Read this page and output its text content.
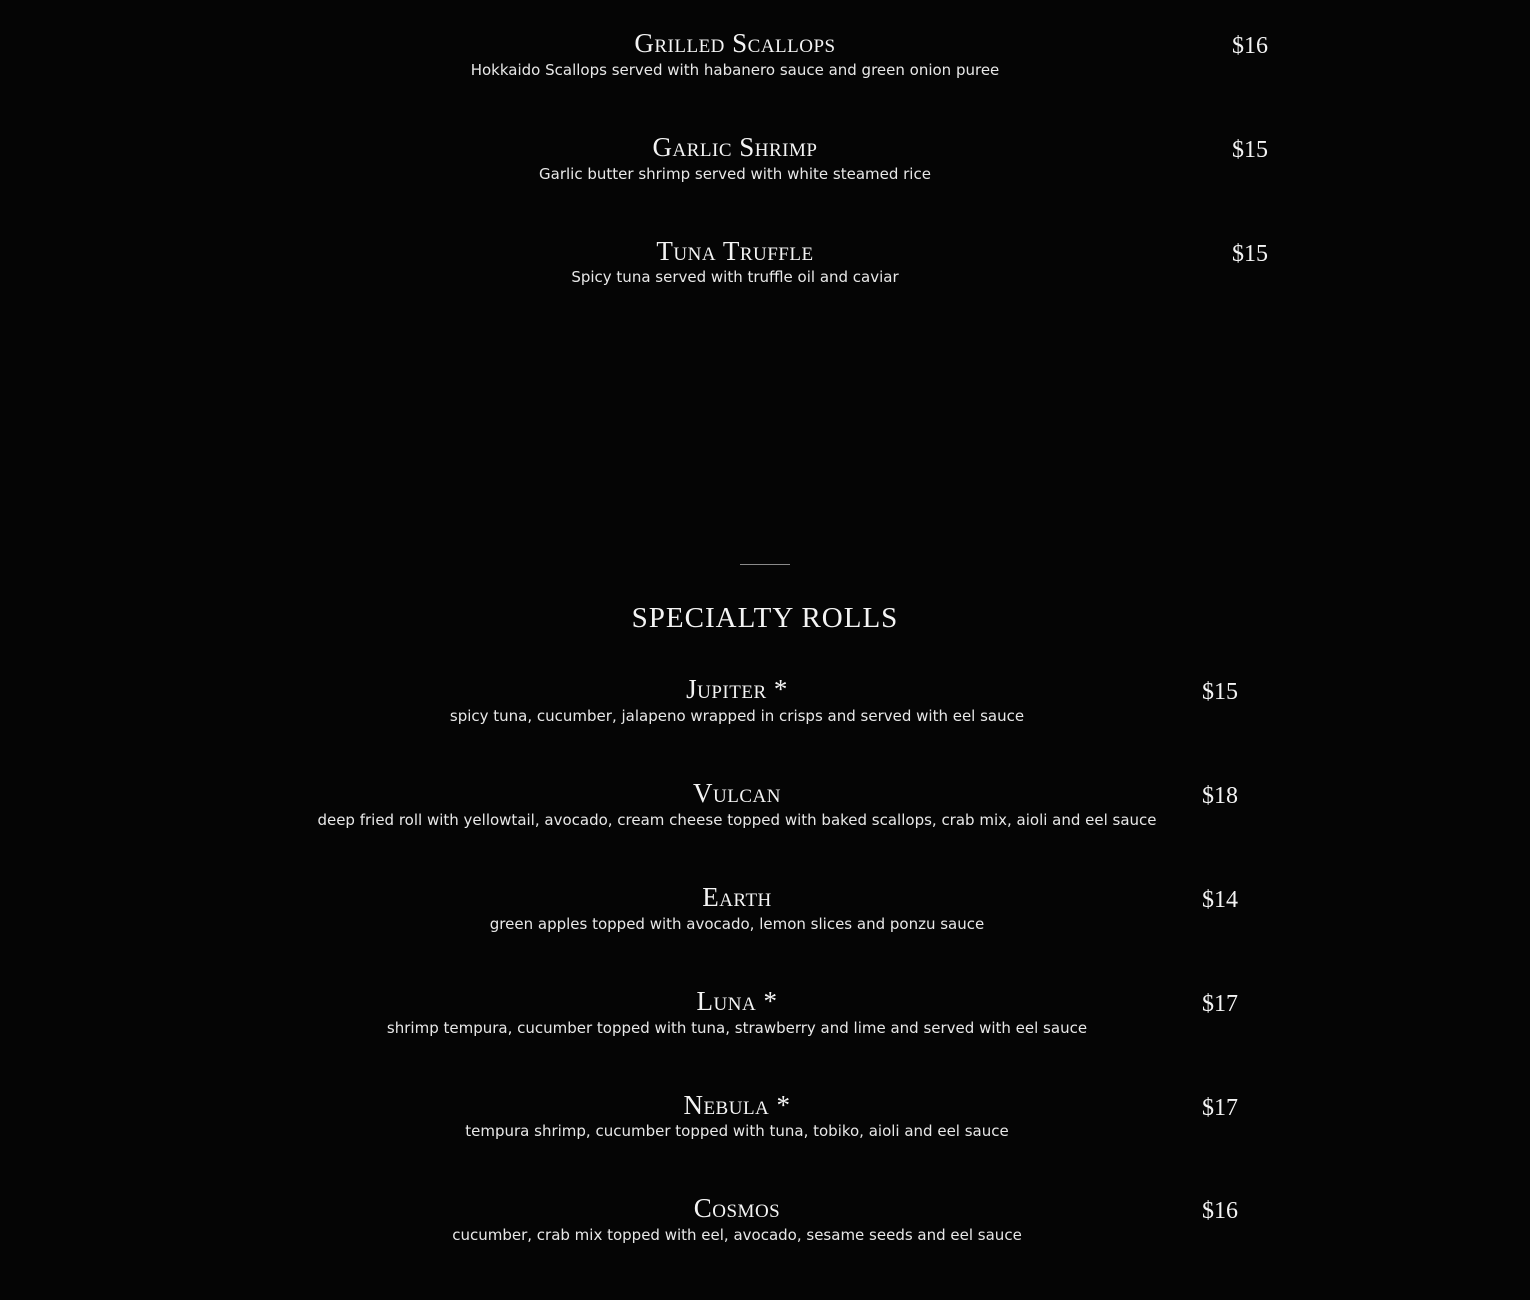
Grilled Scallops
Hokkaido Scallops served with habanero sauce and green onion puree
$16
Garlic Shrimp
Garlic butter shrimp served with white steamed rice
$15
Tuna Truffle
Spicy tuna served with truffle oil and caviar
$15
SPECIALTY ROLLS
Jupiter *
spicy tuna, cucumber, jalapeno wrapped in crisps and served with eel sauce
$15
Vulcan
deep fried roll with yellowtail, avocado, cream cheese topped with baked scallops, crab mix, aioli and eel sauce
$18
Earth
green apples topped with avocado, lemon slices and ponzu sauce
$14
Luna *
shrimp tempura, cucumber topped with tuna, strawberry and lime and served with eel sauce
$17
Nebula *
tempura shrimp, cucumber topped with tuna, tobiko, aioli and eel sauce
$17
Cosmos
cucumber, crab mix topped with eel, avocado, sesame seeds and eel sauce
$16
